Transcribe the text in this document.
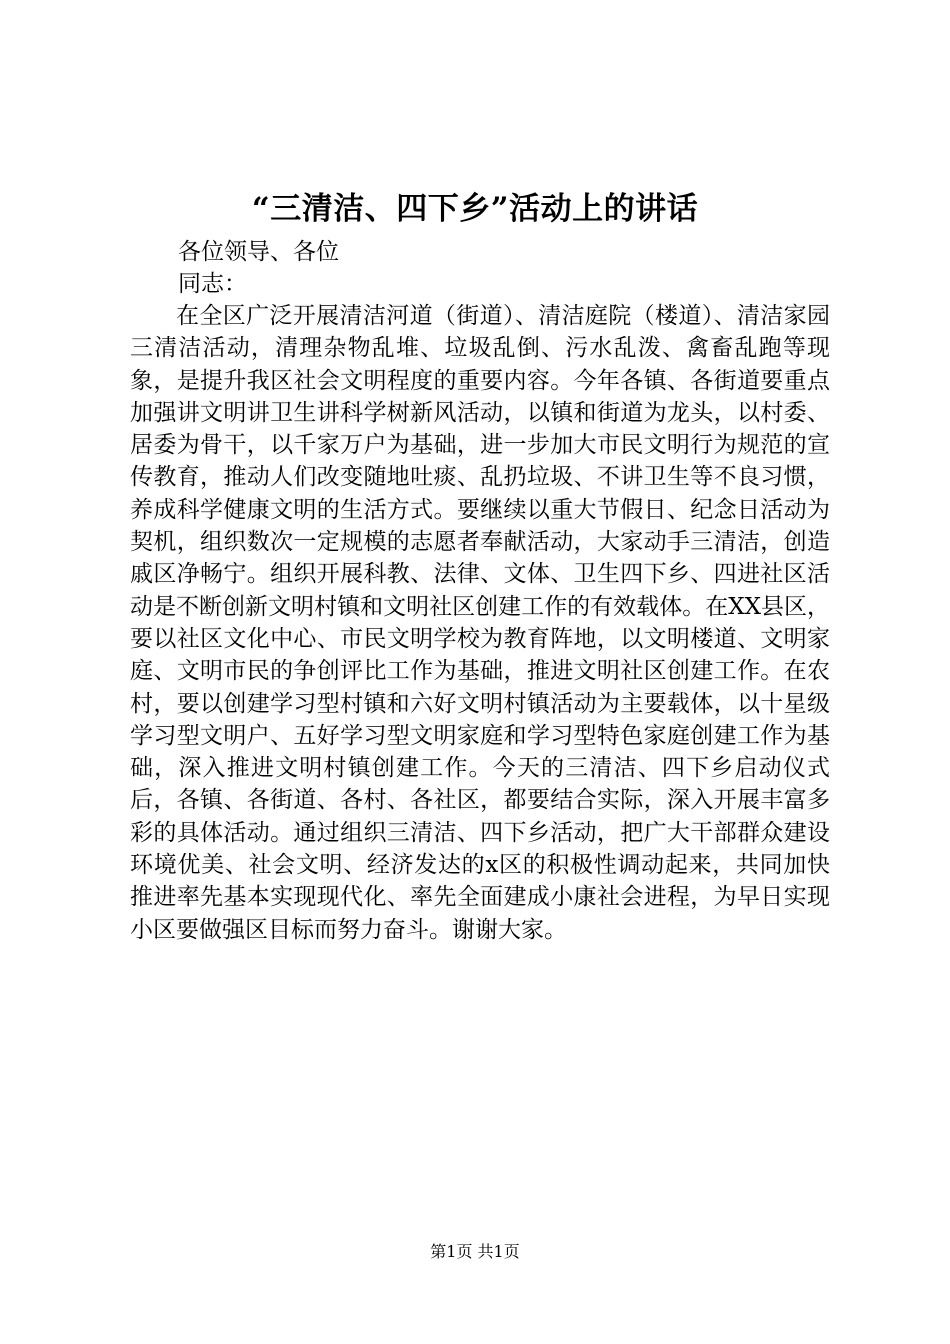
“三清洁、四下乡”活动上的讲话
各位领导、各位
同志：

在全区广泛开展清洁河道（街道）、清洁庭院（楼道）、清洁家园三清洁活动，清理杂物乱堆、垃圾乱倒、污水乱泼、禽畜乱跑等现象，是提升我区社会文明程度的重要内容。今年各镇、各街道要重点加强讲文明讲卫生讲科学树新风活动，以镇和街道为龙头，以村委、居委为骨干，以千家万户为基础，进一步加大市民文明行为规范的宣传教育，推动人们改变随地吐痰、乱扔垃圾、不讲卫生等不良习惯，养成科学健康文明的生活方式。要继续以重大节假日、纪念日活动为契机，组织数次一定规模的志愿者奉献活动，大家动手三清洁，创造戚区净畅宁。组织开展科教、法律、文体、卫生四下乡、四进社区活动是不断创新文明村镇和文明社区创建工作的有效载体。在XX县区，要以社区文化中心、市民文明学校为教育阵地，以文明楼道、文明家庭、文明市民的争创评比工作为基础，推进文明社区创建工作。在农村，要以创建学习型村镇和六好文明村镇活动为主要载体，以十星级学习型文明户、五好学习型文明家庭和学习型特色家庭创建工作为基础，深入推进文明村镇创建工作。今天的三清洁、四下乡启动仪式后，各镇、各街道、各村、各社区，都要结合实际，深入开展丰富多彩的具体活动。通过组织三清洁、四下乡活动，把广大干部群众建设环境优美、社会文明、经济发达的x区的积极性调动起来，共同加快推进率先基本实现现代化、率先全面建成小康社会进程，为早日实现小区要做强区目标而努力奋斗。谢谢大家。

第1页 共1页
